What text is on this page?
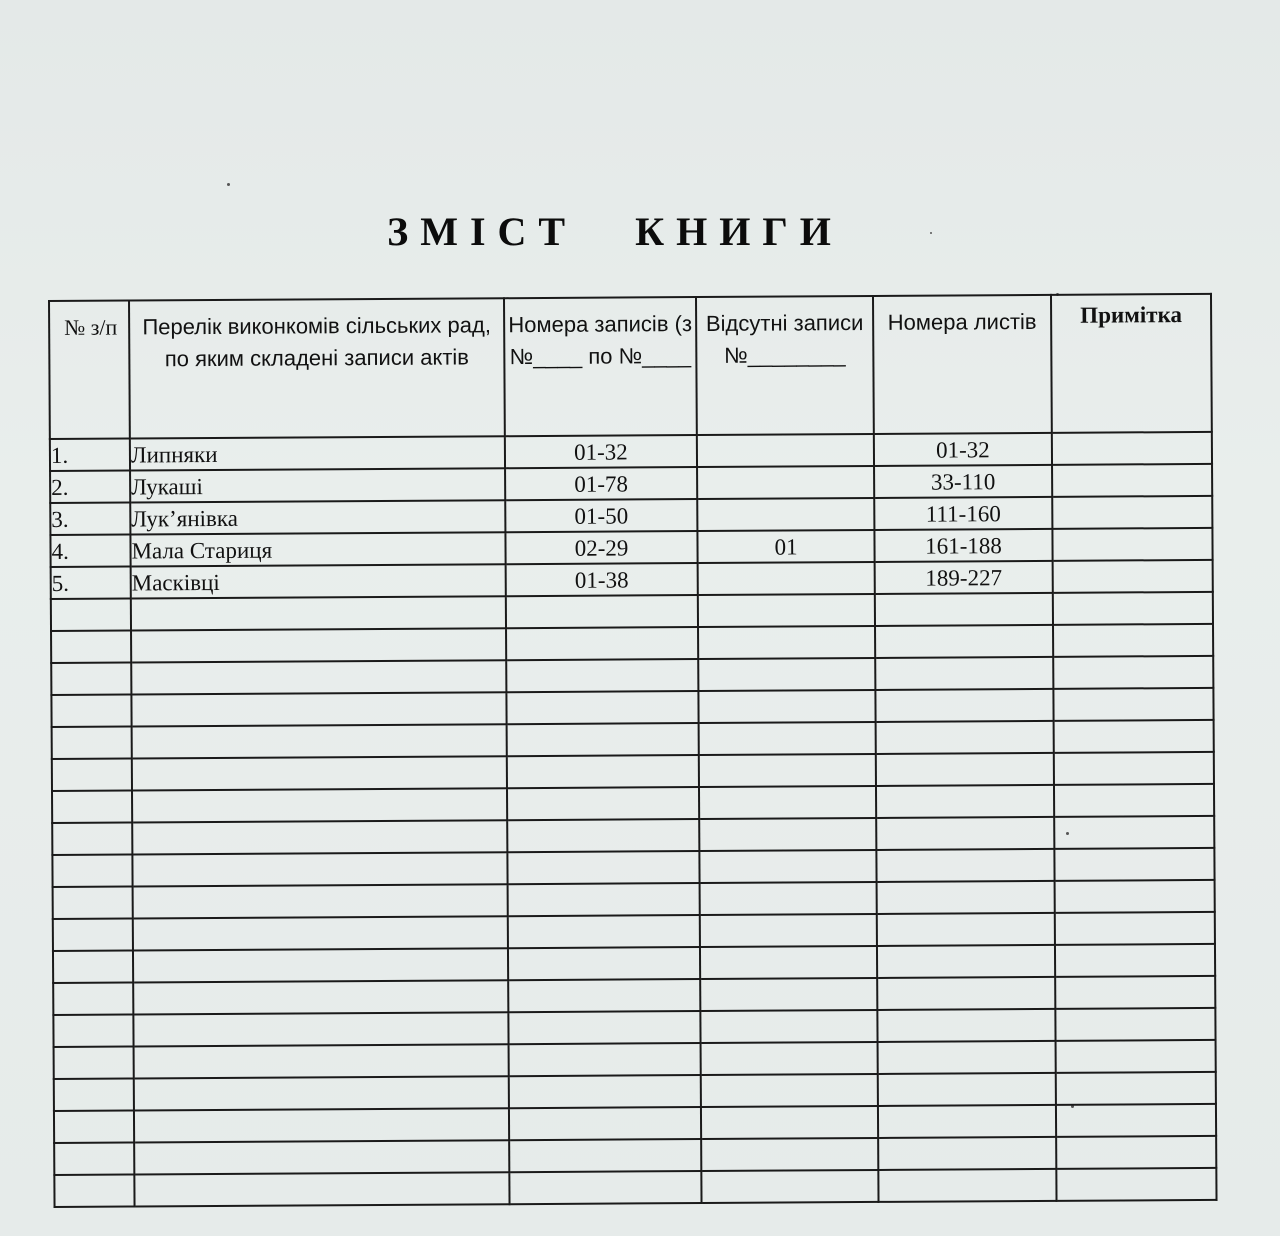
ЗМІСТ КНИГИ
№ з/п	Перелік виконкомів сільських рад, по яким складені записи актів	Номера записів (з №____ по №____	Відсутні записи №________	Номера листів	Примітка
1.	Липняки	01-32		01-32	
2.	Лукаші	01-78		33-110	
3.	Лук’янівка	01-50		111-160	
4.	Мала Стариця	02-29	01	161-188	
5.	Масківці	01-38		189-227	
